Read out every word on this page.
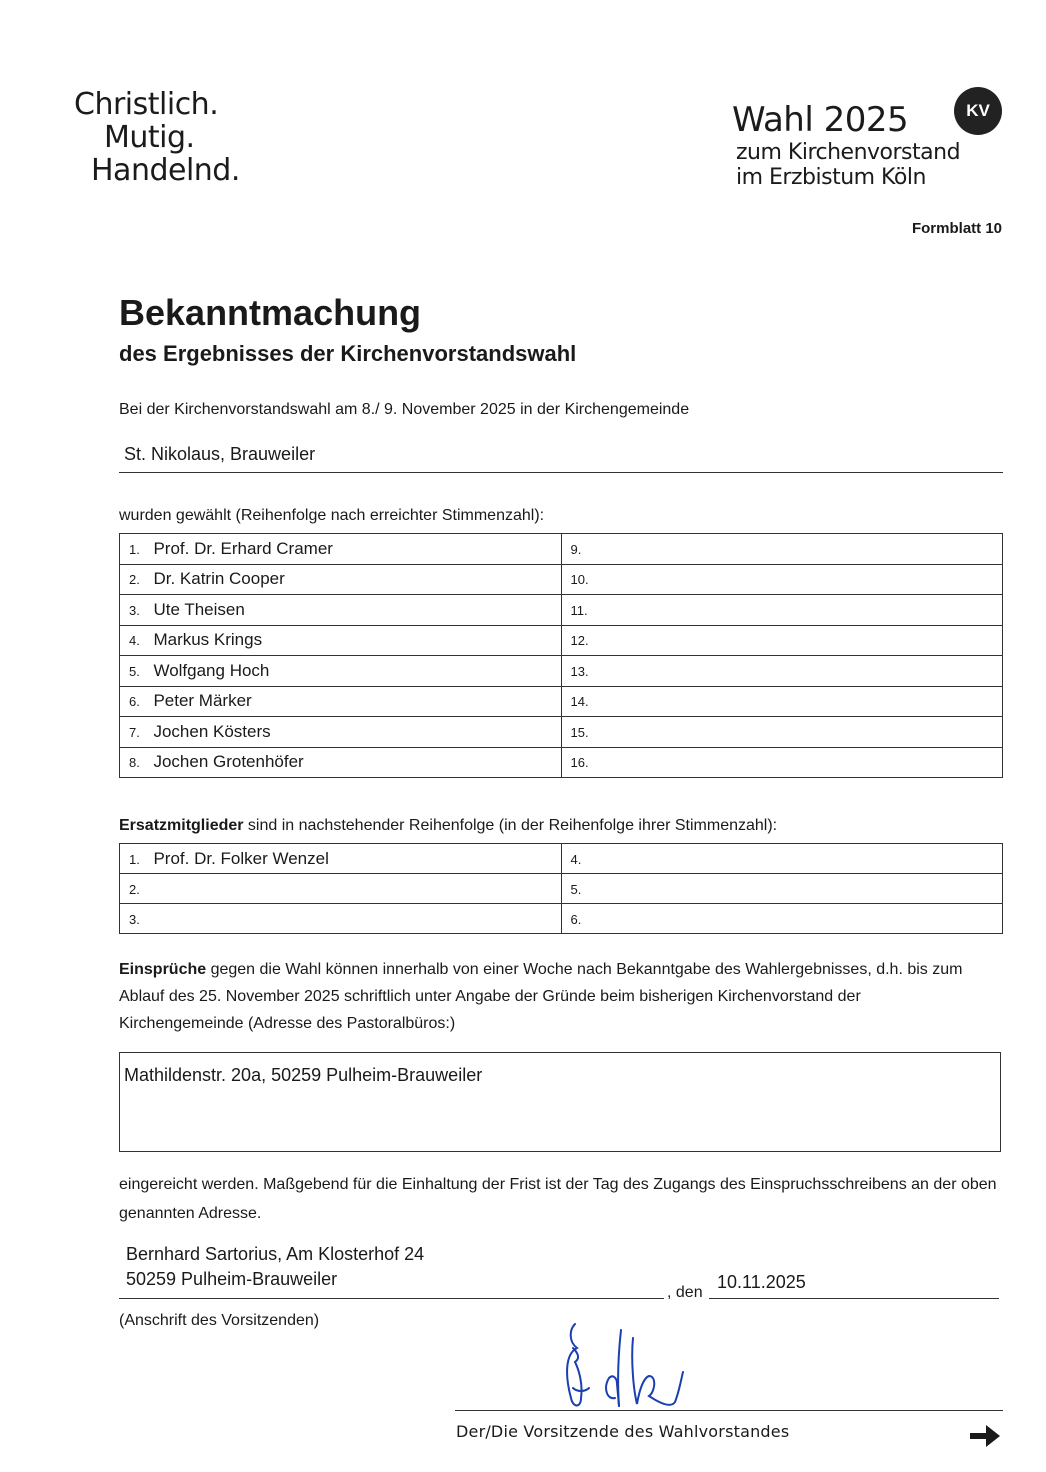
Christlich.
Mutig.
Handelnd.
Wahl 2025
zum Kirchenvorstand
im Erzbistum Köln
KV
Formblatt 10
Bekanntmachung
des Ergebnisses der Kirchenvorstandswahl
Bei der Kirchenvorstandswahl am 8./ 9. November 2025 in der Kirchengemeinde
St. Nikolaus, Brauweiler
wurden gewählt (Reihenfolge nach erreichter Stimmenzahl):
1. Prof. Dr. Erhard Cramer	9.
2. Dr. Katrin Cooper	10.
3. Ute Theisen	11.
4. Markus Krings	12.
5. Wolfgang Hoch	13.
6. Peter Märker	14.
7. Jochen Kösters	15.
8. Jochen Grotenhöfer	16.
Ersatzmitglieder sind in nachstehender Reihenfolge (in der Reihenfolge ihrer Stimmenzahl):
1. Prof. Dr. Folker Wenzel	4.
2.	5.
3.	6.
Einsprüche gegen die Wahl können innerhalb von einer Woche nach Bekanntgabe des Wahlergebnisses, d.h. bis zum Ablauf des 25. November 2025 schriftlich unter Angabe der Gründe beim bisherigen Kirchenvorstand der Kirchengemeinde (Adresse des Pastoralbüros:)
Mathildenstr. 20a, 50259 Pulheim-Brauweiler
eingereicht werden. Maßgebend für die Einhaltung der Frist ist der Tag des Zugangs des Einspruchsschreibens an der oben genannten Adresse.
Bernhard Sartorius, Am Klosterhof 24
50259 Pulheim-Brauweiler
, den
10.11.2025
(Anschrift des Vorsitzenden)
Der/Die Vorsitzende des Wahlvorstandes
